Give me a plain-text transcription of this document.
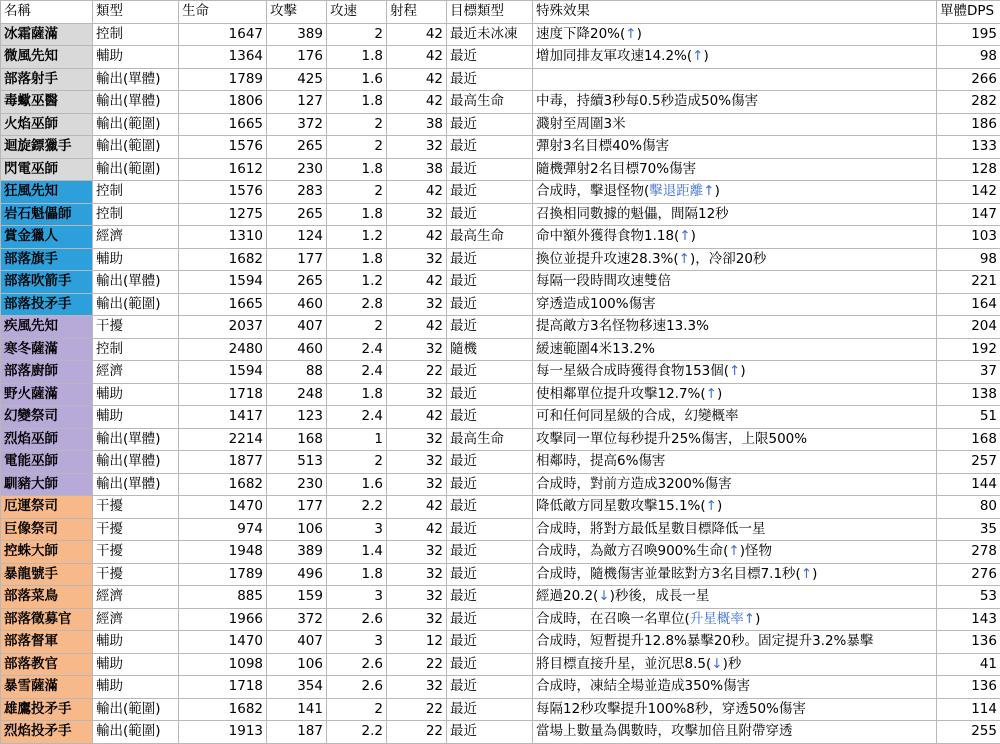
名稱	類型	生命	攻擊	攻速	射程	目標類型	特殊效果	單體DPS
冰霜薩滿	控制	1647	389	2	42	最近未冰凍	速度下降20%(↑)	195
微風先知	輔助	1364	176	1.8	42	最近	增加同排友軍攻速14.2%(↑)	98
部落射手	輸出(單體)	1789	425	1.6	42	最近		266
毒蠍巫醫	輸出(單體)	1806	127	1.8	42	最高生命	中毒，持續3秒每0.5秒造成50%傷害	282
火焰巫師	輸出(範圍)	1665	372	2	38	最近	濺射至周圍3米	186
迴旋鏢獵手	輸出(範圍)	1576	265	2	32	最近	彈射3名目標40%傷害	133
閃電巫師	輸出(範圍)	1612	230	1.8	38	最近	隨機彈射2名目標70%傷害	128
狂風先知	控制	1576	283	2	42	最近	合成時，擊退怪物(擊退距離↑)	142
岩石魁儡師	控制	1275	265	1.8	32	最近	召換相同數據的魁儡，間隔12秒	147
賞金獵人	經濟	1310	124	1.2	42	最高生命	命中額外獲得食物1.18(↑)	103
部落旗手	輔助	1682	177	1.8	32	最近	換位並提升攻速28.3%(↑)，冷卻20秒	98
部落吹箭手	輸出(單體)	1594	265	1.2	42	最近	每隔一段時間攻速雙倍	221
部落投矛手	輸出(範圍)	1665	460	2.8	32	最近	穿透造成100%傷害	164
疾風先知	干擾	2037	407	2	42	最近	提高敵方3名怪物移速13.3%	204
寒冬薩滿	控制	2480	460	2.4	32	隨機	緩速範圍4米13.2%	192
部落廚師	經濟	1594	88	2.4	22	最近	每一星級合成時獲得食物153個(↑)	37
野火薩滿	輔助	1718	248	1.8	32	最近	使相鄰單位提升攻擊12.7%(↑)	138
幻變祭司	輔助	1417	123	2.4	42	最近	可和任何同星級的合成，幻變概率	51
烈焰巫師	輸出(單體)	2214	168	1	32	最高生命	攻擊同一單位每秒提升25%傷害，上限500%	168
電能巫師	輸出(單體)	1877	513	2	32	最近	相鄰時，提高6%傷害	257
馴豬大師	輸出(單體)	1682	230	1.6	32	最近	合成時，對前方造成3200%傷害	144
厄運祭司	干擾	1470	177	2.2	42	最近	降低敵方同星數攻擊15.1%(↑)	80
巨像祭司	干擾	974	106	3	42	最近	合成時，將對方最低星數目標降低一星	35
控蛛大師	干擾	1948	389	1.4	32	最近	合成時，為敵方召喚900%生命(↑)怪物	278
暴龍號手	干擾	1789	496	1.8	32	最近	合成時，隨機傷害並暈眩對方3名目標7.1秒(↑)	276
部落菜鳥	經濟	885	159	3	32	最近	經過20.2(↓)秒後，成長一星	53
部落徵募官	經濟	1966	372	2.6	32	最近	合成時，在召喚一名單位(升星概率↑)	143
部落督軍	輔助	1470	407	3	12	最近	合成時，短暫提升12.8%暴擊20秒。固定提升3.2%暴擊	136
部落教官	輔助	1098	106	2.6	22	最近	將目標直接升星，並沉思8.5(↓)秒	41
暴雪薩滿	輔助	1718	354	2.6	32	最近	合成時，凍結全場並造成350%傷害	136
雄鷹投矛手	輸出(範圍)	1682	141	2	22	最近	每隔12秒攻擊提升100%8秒，穿透50%傷害	114
烈焰投矛手	輸出(範圍)	1913	187	2.2	22	最近	當場上數量為偶數時，攻擊加倍且附帶穿透	255
